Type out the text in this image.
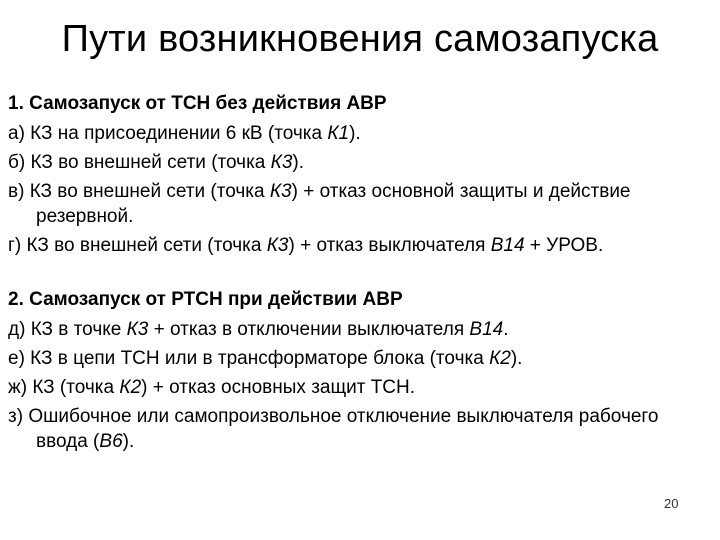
Пути возникновения самозапуска
1. Самозапуск от ТСН без действия АВР
а) КЗ на присоединении 6 кВ (точка К1).
б) КЗ во внешней сети (точка К3).
в) КЗ во внешней сети (точка К3) + отказ основной защиты и действие резервной.
г) КЗ во внешней сети (точка К3) + отказ выключателя В14 + УРОВ.
2. Самозапуск от РТСН при действии АВР
д) КЗ в точке К3 + отказ в отключении выключателя В14.
е) КЗ в цепи ТСН или в трансформаторе блока (точка К2).
ж) КЗ (точка К2) + отказ основных защит ТСН.
з) Ошибочное или самопроизвольное отключение выключателя рабочего ввода (В6).
20
